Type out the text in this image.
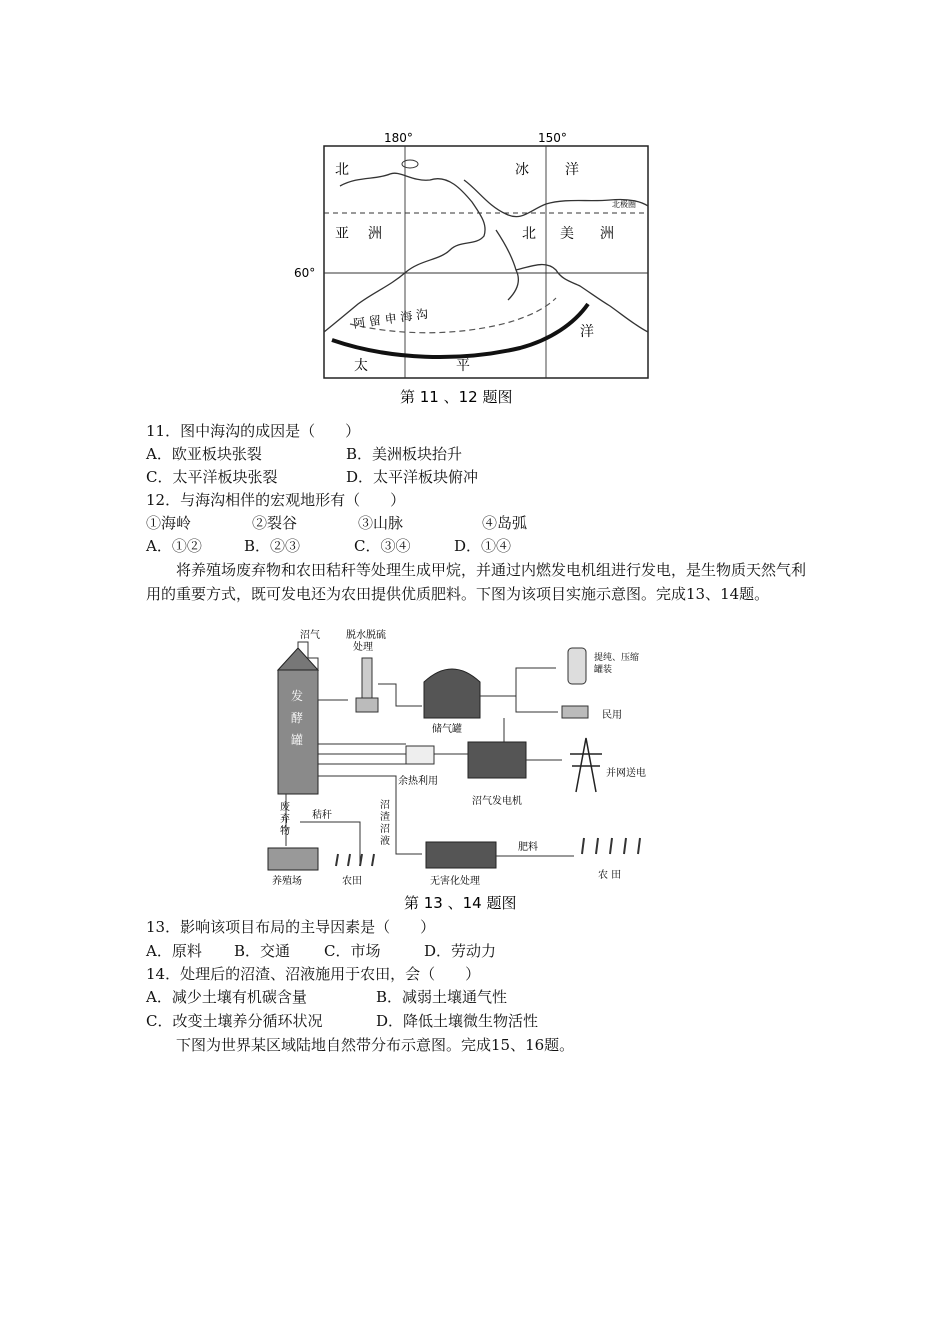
180°	150°
60°
北极圈
北	冰	洋
亚 洲	北 美 洲
太	平
洋
阿 留 申 海 沟
第 11 、12 题图
11．图中海沟的成因是（　　）
A．欧亚板块张裂	B．美洲板块抬升
C．太平洋板块张裂	D．太平洋板块俯冲
12．与海沟相伴的宏观地形有（　　）
①海岭	②裂谷	③山脉	④岛弧
A．①②	B．②③	C．③④	D．①④
将养殖场废弃物和农田秸秆等处理生成甲烷，并通过内燃发电机组进行发电，是生物质天然气利用的重要方式，既可发电还为农田提供优质肥料。下图为该项目实施示意图。完成13、14题。
沼气	脱水脱硫
处理
发
酵
罐
储气罐
提纯、压缩
罐装
民用
余热利用
沼气发电机
并网送电
废
弃
物
秸秆
沼
渣
沼
液
养殖场	农田	无害化处理
肥料
农 田
第 13 、14 题图
13．影响该项目布局的主导因素是（　　）
A．原料 B．交通 C．市场	D．劳动力
14．处理后的沼渣、沼液施用于农田，会（　　）
A．减少土壤有机碳含量	B．减弱土壤通气性
C．改变土壤养分循环状况	D．降低土壤微生物活性
下图为世界某区域陆地自然带分布示意图。完成15、16题。
